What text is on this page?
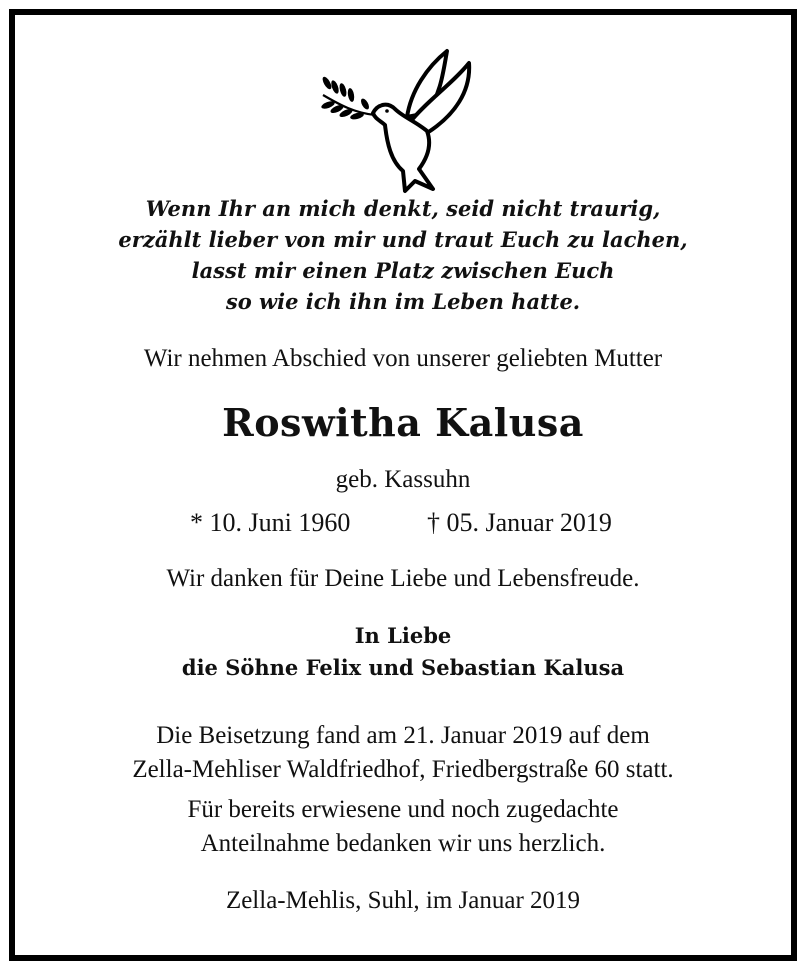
Wenn Ihr an mich denkt, seid nicht traurig,
erzählt lieber von mir und traut Euch zu lachen,
lasst mir einen Platz zwischen Euch
so wie ich ihn im Leben hatte.
Wir nehmen Abschied von unserer geliebten Mutter
Roswitha Kalusa
geb. Kassuhn
* 10. Juni 1960	† 05. Januar 2019
Wir danken für Deine Liebe und Lebensfreude.
In Liebe
die Söhne Felix und Sebastian Kalusa
Die Beisetzung fand am 21. Januar 2019 auf dem
Zella-Mehliser Waldfriedhof, Friedbergstraße 60 statt.
Für bereits erwiesene und noch zugedachte
Anteilnahme bedanken wir uns herzlich.
Zella-Mehlis, Suhl, im Januar 2019
